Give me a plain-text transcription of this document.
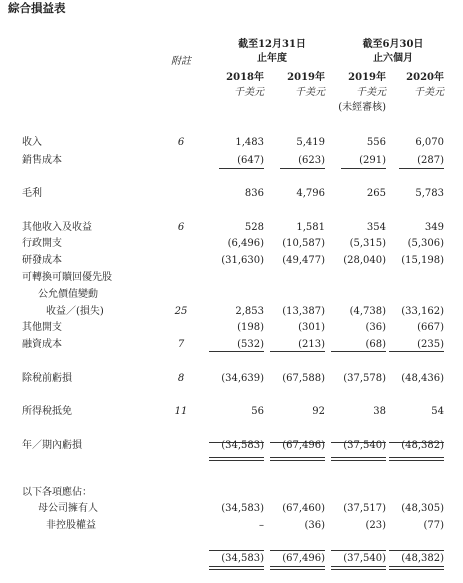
綜合損益表
截至12月31日
止年度
截至6月30日
止六個月
附註
2018年	2019年	2019年	2020年
千美元	千美元	千美元	千美元
(未經審核)
收入	6	1,483	5,419	556	6,070
銷售成本	(647)	(623)	(291)	(287)
毛利	836	4,796	265	5,783
其他收入及收益	6	528	1,581	354	349
行政開支	(6,496)	(10,587)	(5,315)	(5,306)
研發成本	(31,630)	(49,477)	(28,040)	(15,198)
可轉換可贖回優先股
公允價值變動
收益／(損失)	25	2,853	(13,387)	(4,738)	(33,162)
其他開支	(198)	(301)	(36)	(667)
融資成本	7	(532)	(213)	(68)	(235)
除稅前虧損	8	(34,639)	(67,588)	(37,578)	(48,436)
所得稅抵免	11	56	92	38	54
年／期內虧損	(34,583)	(67,496)	(37,540)	(48,382)
以下各項應佔：
母公司擁有人	(34,583)	(67,460)	(37,517)	(48,305)
非控股權益	–	(36)	(23)	(77)
(34,583)	(67,496)	(37,540)	(48,382)
